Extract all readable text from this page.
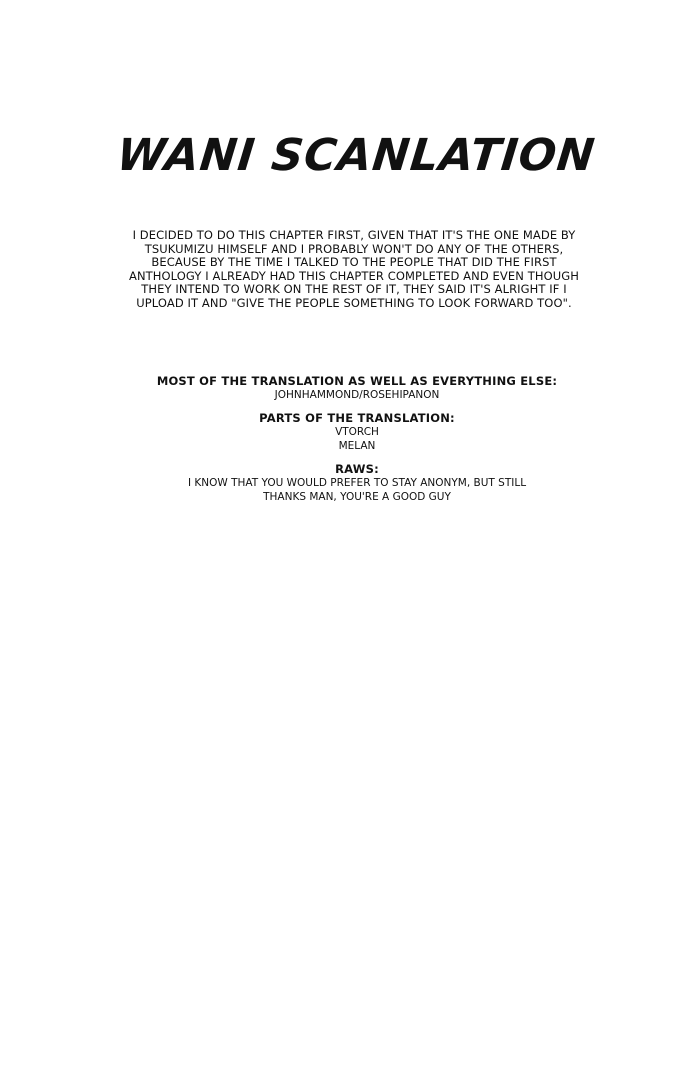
WANI SCANLATION
I DECIDED TO DO THIS CHAPTER FIRST, GIVEN THAT IT'S THE ONE MADE BY TSUKUMIZU HIMSELF AND I PROBABLY WON'T DO ANY OF THE OTHERS, BECAUSE BY THE TIME I TALKED TO THE PEOPLE THAT DID THE FIRST ANTHOLOGY I ALREADY HAD THIS CHAPTER COMPLETED AND EVEN THOUGH THEY INTEND TO WORK ON THE REST OF IT, THEY SAID IT'S ALRIGHT IF I UPLOAD IT AND "GIVE THE PEOPLE SOMETHING TO LOOK FORWARD TOO".
MOST OF THE TRANSLATION AS WELL AS EVERYTHING ELSE:
JOHNHAMMOND/ROSEHIPANON
PARTS OF THE TRANSLATION:
VTORCH
MELAN
RAWS:
I KNOW THAT YOU WOULD PREFER TO STAY ANONYM, BUT STILL
THANKS MAN, YOU'RE A GOOD GUY
